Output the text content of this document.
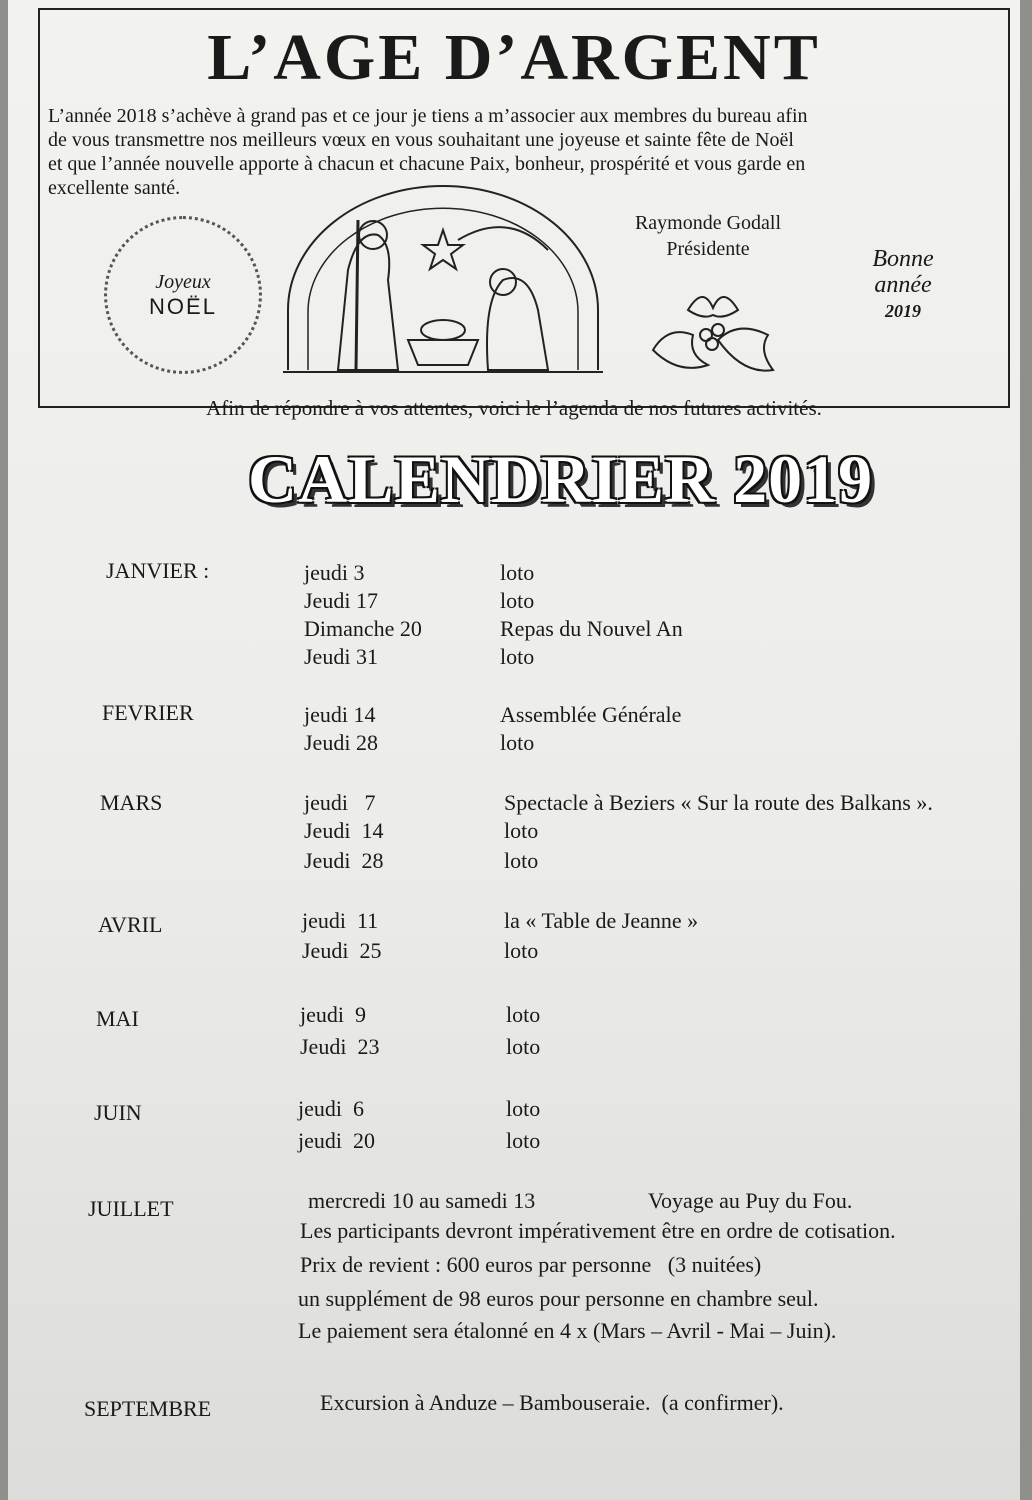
L’AGE D’ARGENT
L’année 2018 s’achève à grand pas et ce jour je tiens a m’associer aux membres du bureau afin
de vous transmettre nos meilleurs vœux en vous souhaitant une joyeuse et sainte fête de Noël
et que l’année nouvelle apporte à chacun et chacune Paix, bonheur, prospérité et vous garde en
excellente santé.
Joyeux
NOËL
Raymonde Godall
Présidente	Bonne
année
2019
Afin de répondre à vos attentes, voici le l’agenda de nos futures activités.
CALENDRIER 2019
JANVIER :	jeudi 3	loto
Jeudi 17	loto
Dimanche 20	Repas du Nouvel An
Jeudi 31	loto
FEVRIER	jeudi 14	Assemblée Générale
Jeudi 28	loto
MARS	jeudi   7	Spectacle à Beziers « Sur la route des Balkans ».
Jeudi  14	loto
Jeudi  28	loto
AVRIL	jeudi  11	la « Table de Jeanne »
Jeudi  25	loto
MAI	jeudi  9	loto
Jeudi  23	loto
JUIN	jeudi  6	loto
jeudi  20	loto
JUILLET	mercredi 10 au samedi 13	Voyage au Puy du Fou.
Les participants devront impérativement être en ordre de cotisation.
Prix de revient : 600 euros par personne   (3 nuitées)
un supplément de 98 euros pour personne en chambre seul.
Le paiement sera étalonné en 4 x (Mars – Avril - Mai – Juin).
SEPTEMBRE	Excursion à Anduze – Bambouseraie.  (a confirmer).
